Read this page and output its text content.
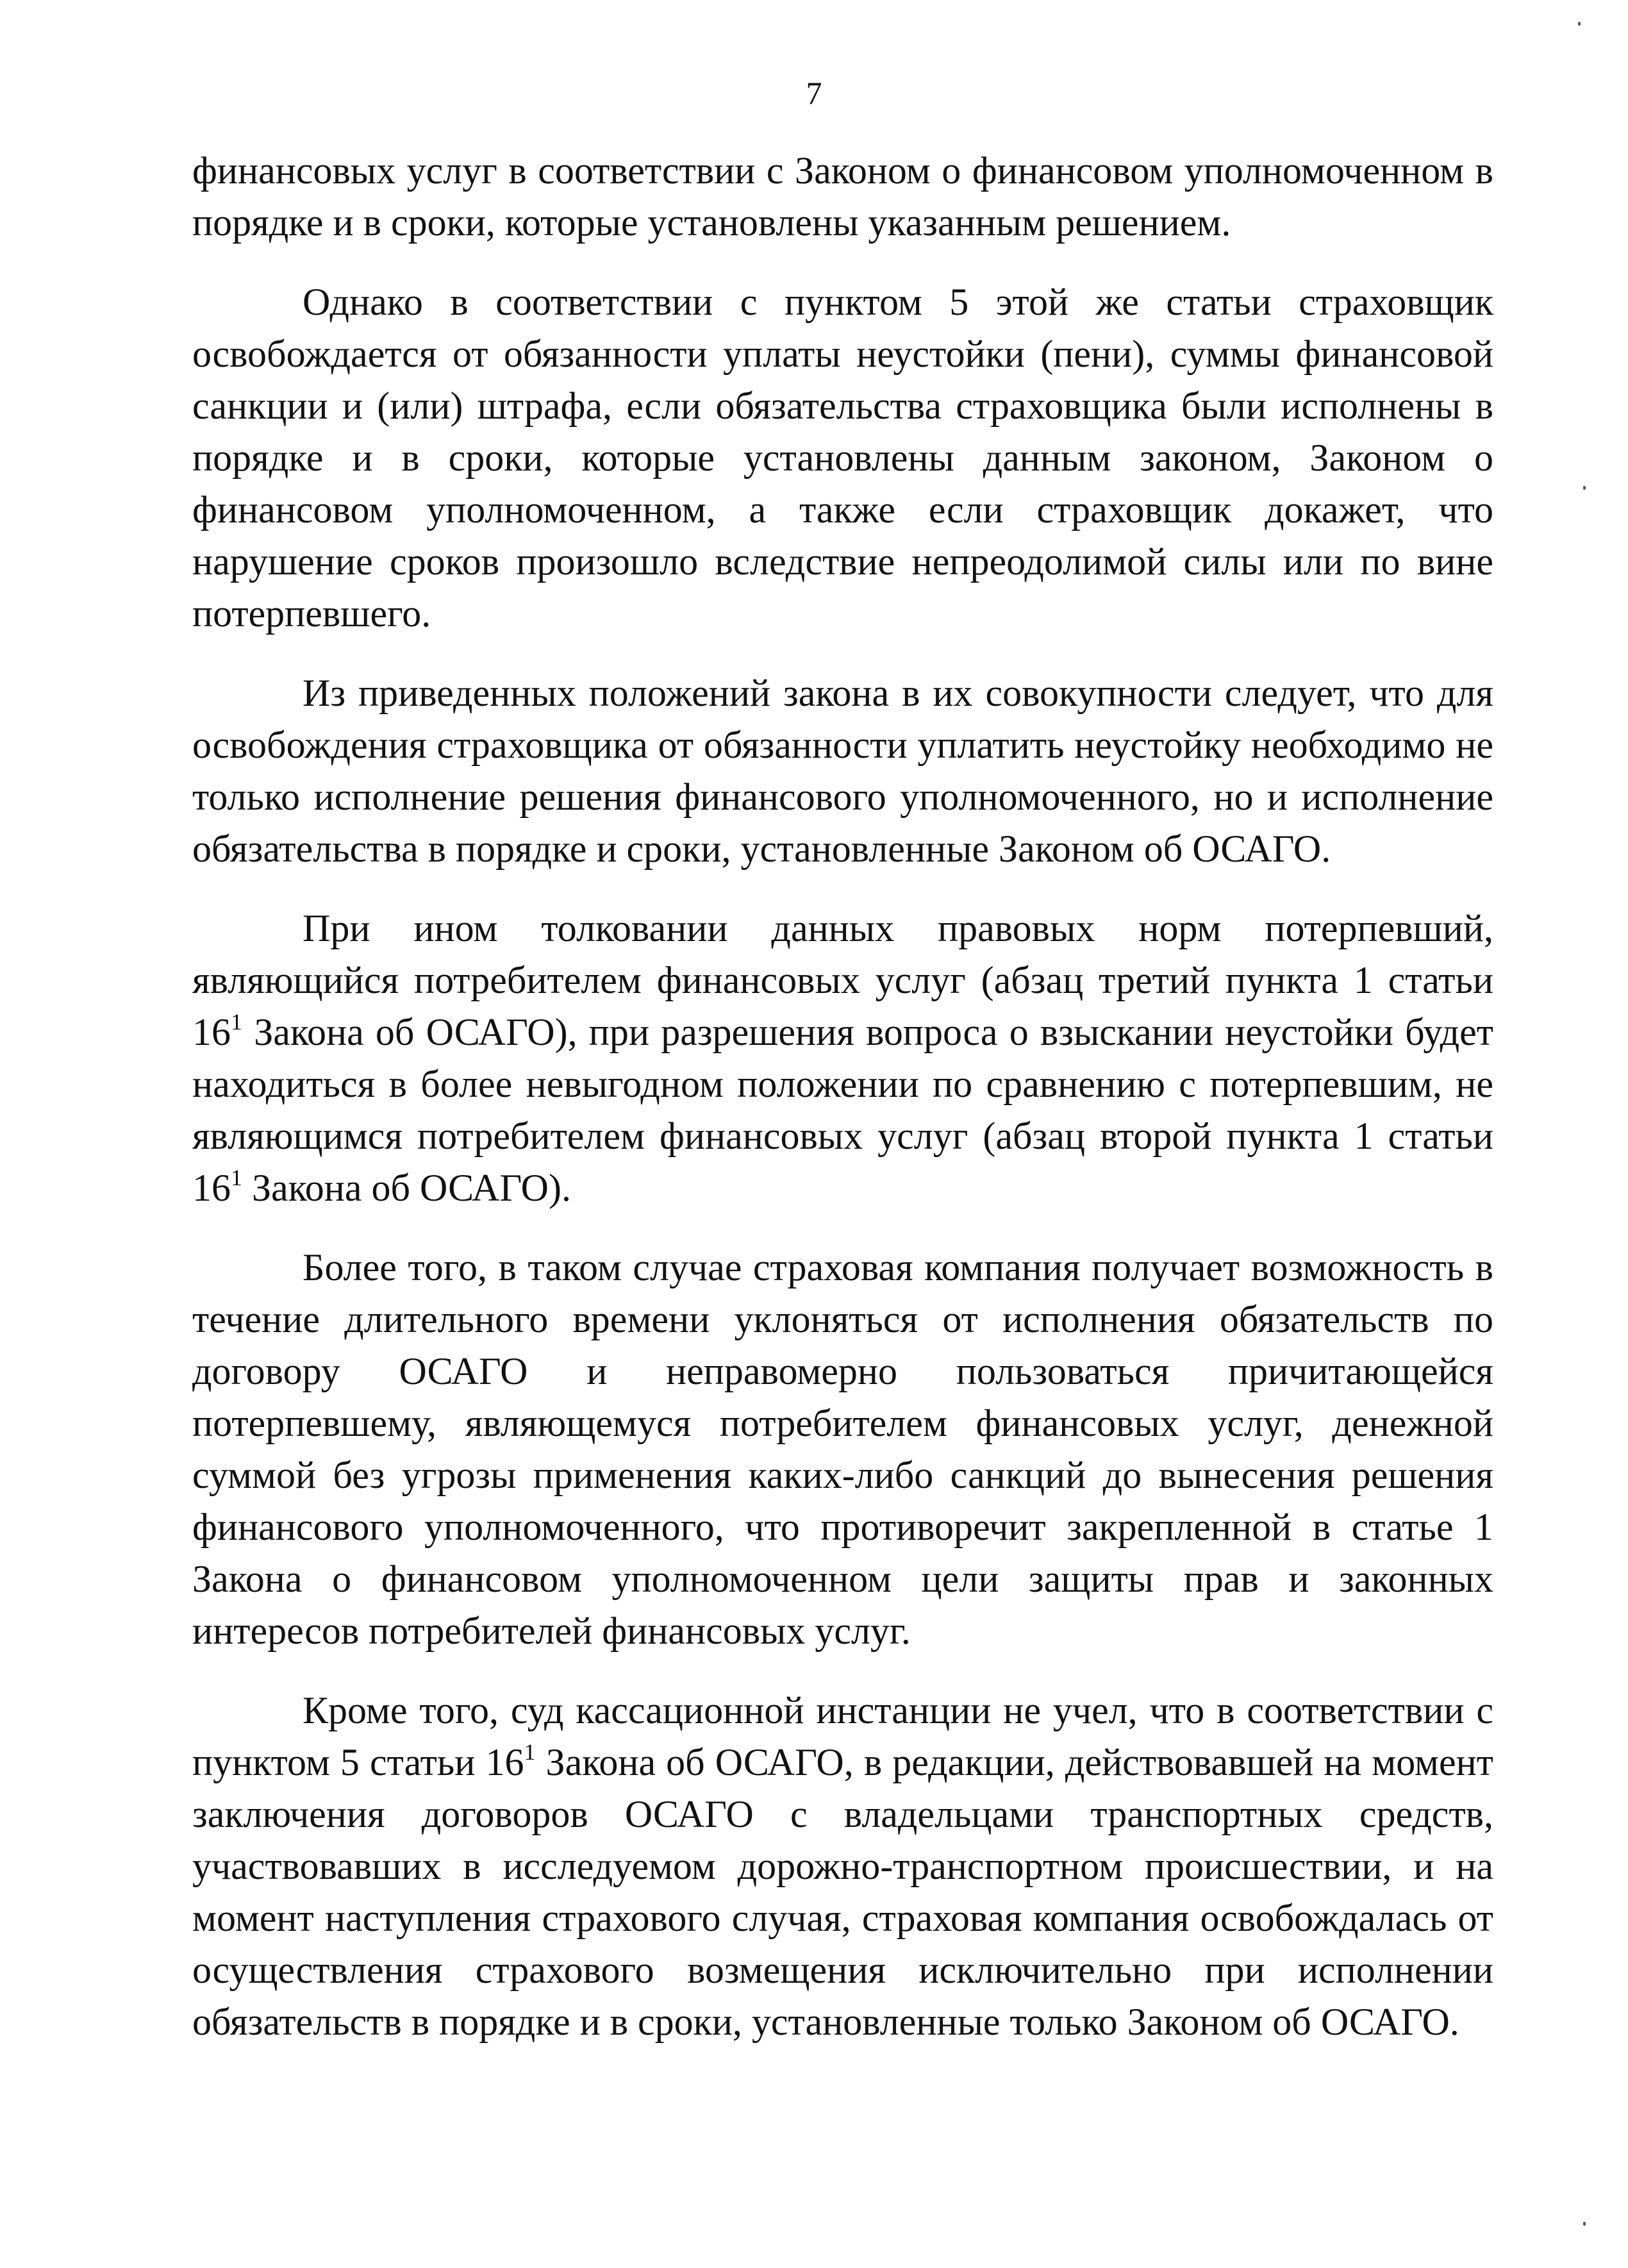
7

финансовых услуг в соответствии с Законом о финансовом уполномоченном в порядке и в сроки, которые установлены указанным решением.

Однако в соответствии с пунктом 5 этой же статьи страховщик освобождается от обязанности уплаты неустойки (пени), суммы финансовой санкции и (или) штрафа, если обязательства страховщика были исполнены в порядке и в сроки, которые установлены данным законом, Законом о финансовом уполномоченном, а также если страховщик докажет, что нарушение сроков произошло вследствие непреодолимой силы или по вине потерпевшего.

Из приведенных положений закона в их совокупности следует, что для освобождения страховщика от обязанности уплатить неустойку необходимо не только исполнение решения финансового уполномоченного, но и исполнение обязательства в порядке и сроки, установленные Законом об ОСАГО.

При ином толковании данных правовых норм потерпевший, являющийся потребителем финансовых услуг (абзац третий пункта 1 статьи $16^1$ Закона об ОСАГО), при разрешения вопроса о взыскании неустойки будет находиться в более невыгодном положении по сравнению с потерпевшим, не являющимся потребителем финансовых услуг (абзац второй пункта 1 статьи $16^1$ Закона об ОСАГО).

Более того, в таком случае страховая компания получает возможность в течение длительного времени уклоняться от исполнения обязательств по договору ОСАГО и неправомерно пользоваться причитающейся потерпевшему, являющемуся потребителем финансовых услуг, денежной суммой без угрозы применения каких-либо санкций до вынесения решения финансового уполномоченного, что противоречит закрепленной в статье 1 Закона о финансовом уполномоченном цели защиты прав и законных интересов потребителей финансовых услуг.

Кроме того, суд кассационной инстанции не учел, что в соответствии с пунктом 5 статьи $16^1$ Закона об ОСАГО, в редакции, действовавшей на момент заключения договоров ОСАГО с владельцами транспортных средств, участвовавших в исследуемом дорожно-транспортном происшествии, и на момент наступления страхового случая, страховая компания освобождалась от осуществления страхового возмещения исключительно при исполнении обязательств в порядке и в сроки, установленные только Законом об ОСАГО.
